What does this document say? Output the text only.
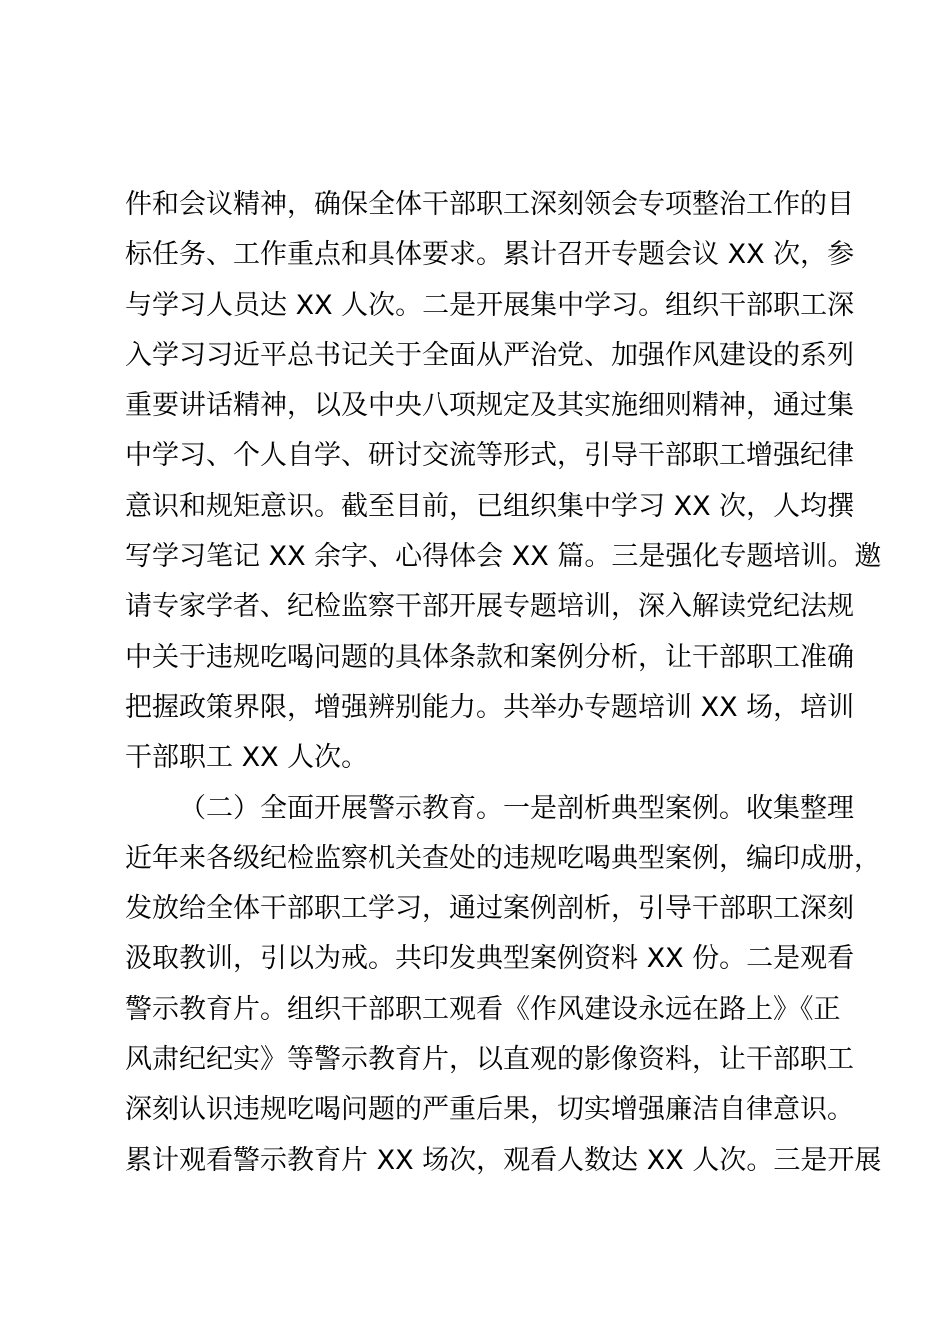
件和会议精神，确保全体干部职工深刻领会专项整治工作的目
标任务、工作重点和具体要求。累计召开专题会议 XX 次，参
与学习人员达 XX 人次。二是开展集中学习。组织干部职工深
入学习习近平总书记关于全面从严治党、加强作风建设的系列
重要讲话精神，以及中央八项规定及其实施细则精神，通过集
中学习、个人自学、研讨交流等形式，引导干部职工增强纪律
意识和规矩意识。截至目前，已组织集中学习 XX 次，人均撰
写学习笔记 XX 余字、心得体会 XX 篇。三是强化专题培训。邀
请专家学者、纪检监察干部开展专题培训，深入解读党纪法规
中关于违规吃喝问题的具体条款和案例分析，让干部职工准确
把握政策界限，增强辨别能力。共举办专题培训 XX 场，培训
干部职工 XX 人次。
（二）全面开展警示教育。一是剖析典型案例。收集整理
近年来各级纪检监察机关查处的违规吃喝典型案例，编印成册，
发放给全体干部职工学习，通过案例剖析，引导干部职工深刻
汲取教训，引以为戒。共印发典型案例资料 XX 份。二是观看
警示教育片。组织干部职工观看《作风建设永远在路上》《正
风肃纪纪实》等警示教育片，以直观的影像资料，让干部职工
深刻认识违规吃喝问题的严重后果，切实增强廉洁自律意识。
累计观看警示教育片 XX 场次，观看人数达 XX 人次。三是开展
